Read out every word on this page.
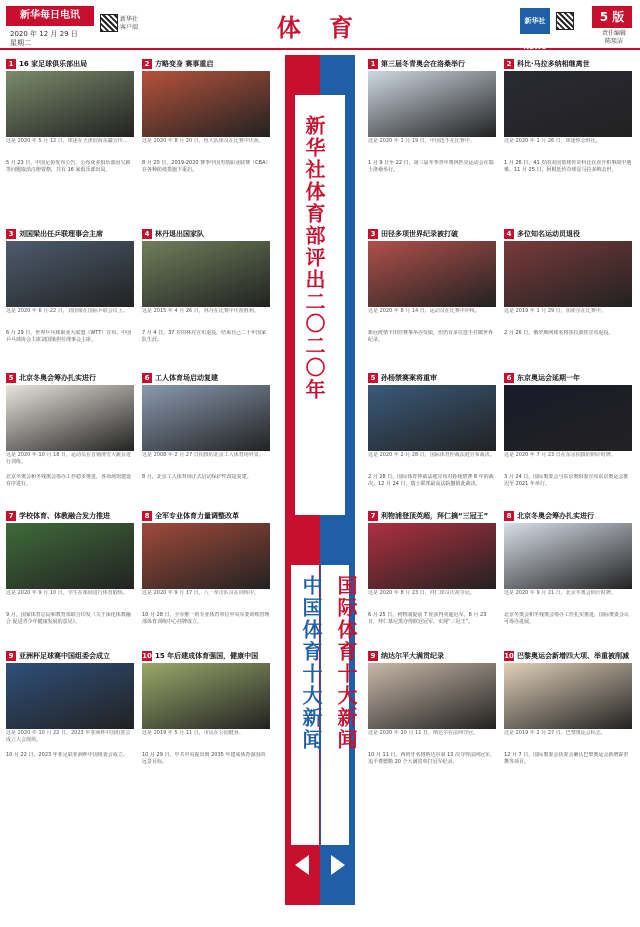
新华每日电讯
2020 年 12 月 29 日
星期二
新华社
客户端	体 育	新华社 NEWS
5 版
责任编辑
陈琰洁
新华社体育部评出二〇二〇年
中国体育十大新闻 国际体育十大新闻
1 16 家足球俱乐部出局
这是 2020 年 5 月 12 日，球迷在天津滨海东疆宣传...
5 月 23 日，中国足协发布公告，公布众多俱乐部因欠薪等问题取消注册资格，共有 16 家俱乐部出局。
2 方略变身 赛事重启
这是 2020 年 8 月 20 日，恒大队球员在比赛中庆祝。
8 月 20 日，2019-2020 赛季中国男篮职业联赛（CBA）在各种防疫措施下重启。
3 刘国梁出任乒联理事会主席
这是 2020 年 6 月 22 日，刘国梁在国际乒联会议上。
6 月 29 日，世界乒乓球职业大联盟（WTT）宣布，中国乒乓球协会主席刘国梁担任理事会主席。
4 林丹退出国家队
这是 2015 年 4 月 26 日，林丹在比赛中庆祝胜利。
7 月 4 日，37 岁的林丹宣布退役，结束自己二十年国家队生涯。
5 北京冬奥会筹办扎实进行
这是 2020 年 10 月 18 日，运动员在首钢滑雪大跳台进行训练。
北京冬奥会和冬残奥会筹办工作稳步推进，各项场馆建设有序进行。
6 工人体育场启动复建
这是 2008 年 2 月 27 日拍摄的北京工人体育场外景。
8 月，北京工人体育场正式启动保护性改造复建。
7 学校体育、体教融合发力推进
这是 2020 年 9 月 10 日，学生在课间进行体育锻炼。
9 月，国家体育总局和教育部联合印发《关于深化体教融合 促进青少年健康发展的意见》。
8 全军专业体育力量调整改革
这是 2020 年 9 月 17 日，八一拳击队员在训练中。
10 月 28 日，全军唯一的专业体育单位中央军委训练管理部体育训练中心挂牌成立。
9 亚洲杯足球赛中国组委会成立
这是 2020 年 10 月 22 日，2023 年亚洲杯中国组委会成立大会现场。
10 月 22 日，2023 年亚足联亚洲杯中国组委会成立。
10 15 年后建成体育强国，健康中国
这是 2019 年 5 月 11 日，市民在公园健身。
10 月 29 日，中共中央提出到 2035 年建成体育强国的远景目标。
1 第三届冬青奥会在洛桑举行
这是 2020 年 1 月 19 日，中国选手在比赛中。
1 月 9 日至 22 日，第三届冬季青年奥林匹克运动会在瑞士洛桑举行。
2 科比·马拉多纳相继离世
这是 2020 年 1 月 26 日，球迷悼念科比。
1 月 26 日，41 岁的美国篮球传奇科比在直升机事故中遇难。11 月 25 日，阿根廷传奇球星马拉多纳去世。
3 田径多项世界纪录被打破
这是 2020 年 8 月 14 日，运动员在比赛中冲线。
新冠疫情下田径赛事举办受限，但仍有多位选手打破世界纪录。
4 多位知名运动员退役
这是 2019 年 1 月 29 日，加索尔在比赛中。
2 月 26 日，俄罗斯网球名将莎拉波娃宣布退役。
5 孙杨禁赛案将重审
这是 2020 年 2 月 28 日，国际体育仲裁法庭宣布裁决。
2 月 28 日，国际体育仲裁法庭宣布对孙杨禁赛 8 年的裁决。12 月 24 日，瑞士联邦最高法院撤销此裁决。
6 东京奥运会延期一年
这是 2020 年 7 月 23 日在东京拍摄的倒计时牌。
3 月 24 日，国际奥委会与东京奥组委宣布东京奥运会推迟至 2021 年举行。
7 利物浦登顶英超，拜仁摘“三冠王”
这是 2020 年 8 月 23 日，拜仁球员庆祝夺冠。
6 月 25 日，利物浦提前 7 轮获得英超冠军。8 月 23 日，拜仁慕尼黑夺得欧冠冠军，实现“三冠王”。
8 北京冬奥会筹办扎实进行
这是 2020 年 9 月 21 日，北京冬奥会倒计时牌。
北京冬奥会和冬残奥会筹办工作扎实推进，国际奥委会认可筹办进展。
9 纳达尔平大满贯纪录
这是 2020 年 10 月 11 日，纳达尔在法网夺冠。
10 月 11 日，西班牙名将纳达尔第 13 次夺得法网冠军，追平费德勒 20 个大满贯单打冠军纪录。
10 巴黎奥运会新增四大项、举重被削减
这是 2019 年 2 月 27 日，巴黎奥运会标志。
12 月 7 日，国际奥委会执委会确认巴黎奥运会新增霹雳舞等项目。
